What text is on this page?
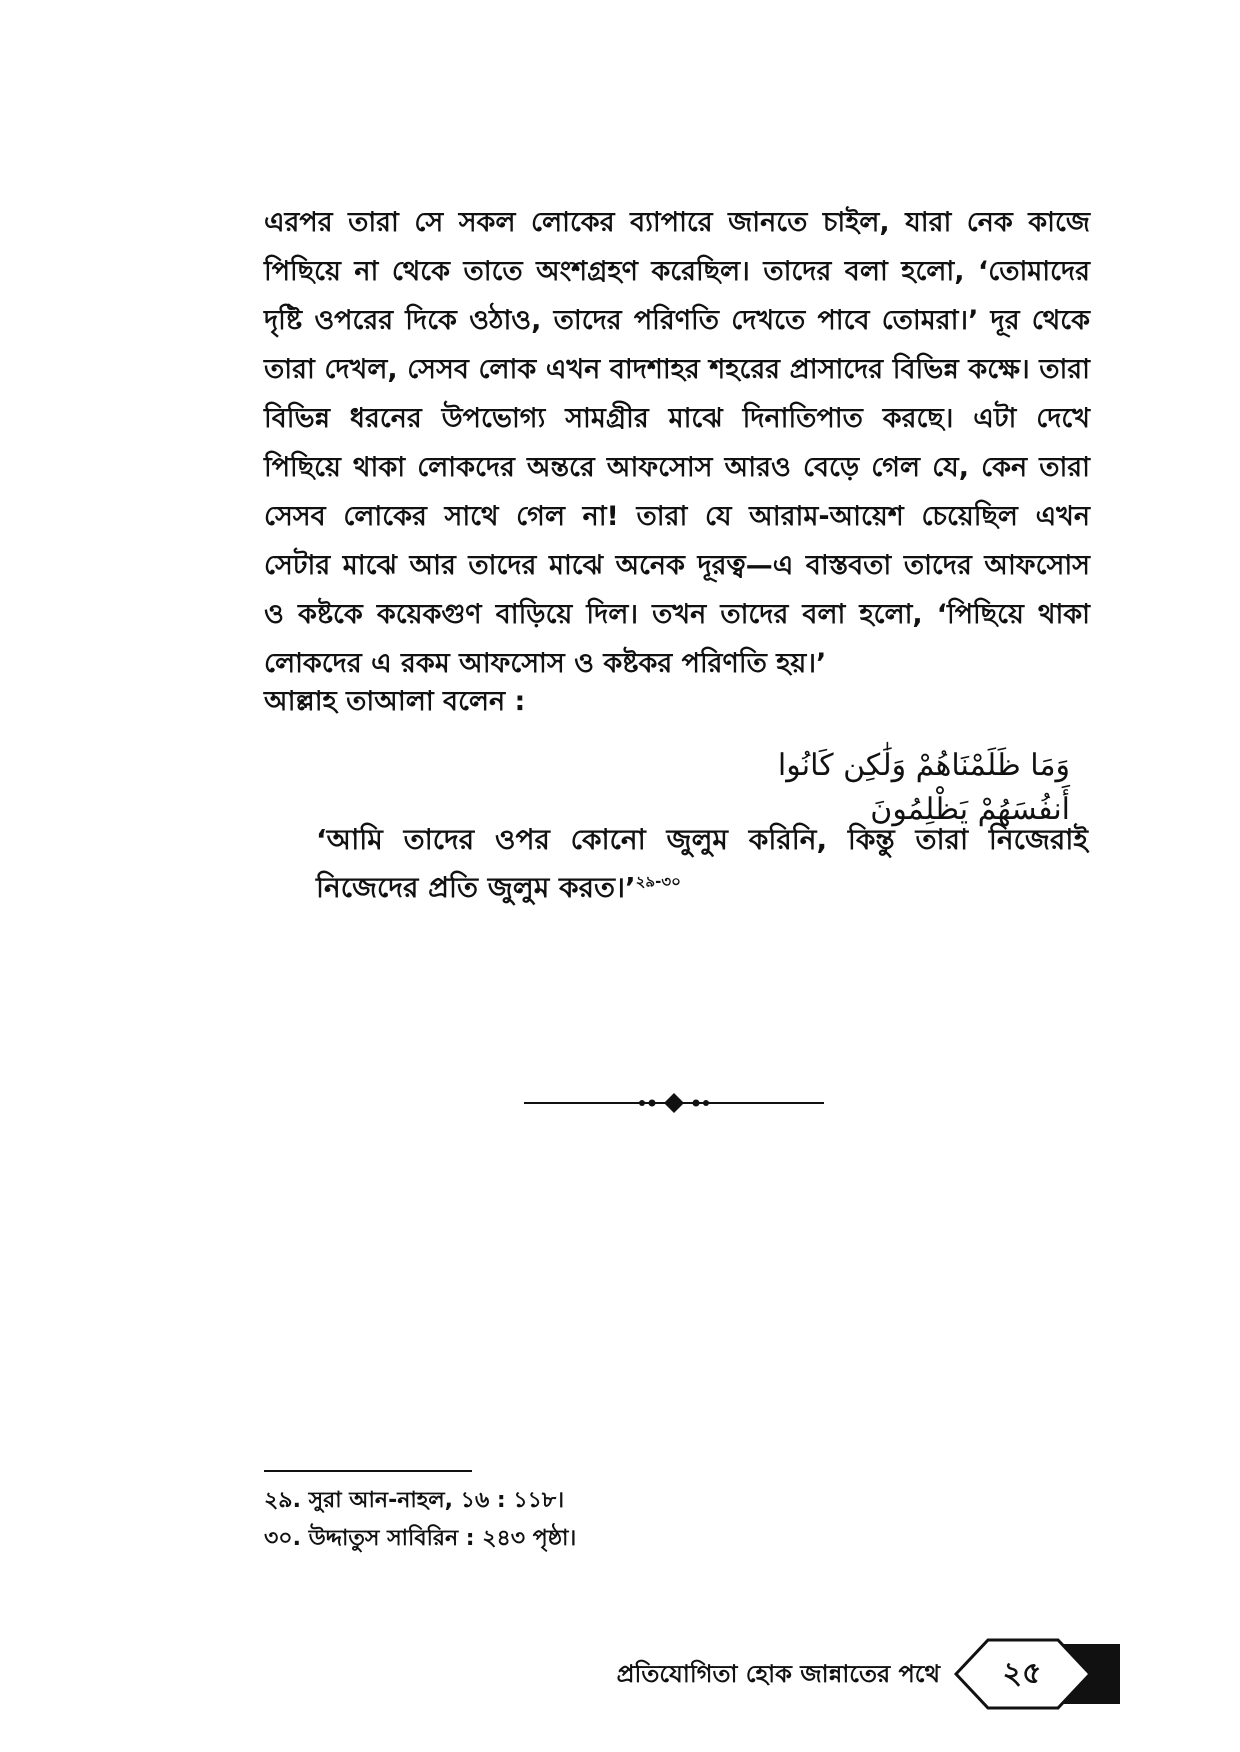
এরপর তারা সে সকল লোকের ব্যাপারে জানতে চাইল, যারা নেক কাজে পিছিয়ে না থেকে তাতে অংশগ্রহণ করেছিল। তাদের বলা হলো, ‘তোমাদের দৃষ্টি ওপরের দিকে ওঠাও, তাদের পরিণতি দেখতে পাবে তোমরা।’ দূর থেকে তারা দেখল, সেসব লোক এখন বাদশাহর শহরের প্রাসাদের বিভিন্ন কক্ষে। তারা বিভিন্ন ধরনের উপভোগ্য সামগ্রীর মাঝে দিনাতিপাত করছে। এটা দেখে পিছিয়ে থাকা লোকদের অন্তরে আফসোস আরও বেড়ে গেল যে, কেন তারা সেসব লোকের সাথে গেল না! তারা যে আরাম-আয়েশ চেয়েছিল এখন সেটার মাঝে আর তাদের মাঝে অনেক দূরত্ব—এ বাস্তবতা তাদের আফসোস ও কষ্টকে কয়েকগুণ বাড়িয়ে দিল। তখন তাদের বলা হলো, ‘পিছিয়ে থাকা লোকদের এ রকম আফসোস ও কষ্টকর পরিণতি হয়।’

আল্লাহ তাআলা বলেন :

وَمَا ظَلَمْنَاهُمْ وَلَٰكِن كَانُوا أَنفُسَهُمْ يَظْلِمُونَ

‘আমি তাদের ওপর কোনো জুলুম করিনি, কিন্তু তারা নিজেরাই নিজেদের প্রতি জুলুম করত।’$^{২৯-৩০}$

২৯. সুরা আন-নাহল, ১৬ : ১১৮।
৩০. উদ্দাতুস সাবিরিন : ২৪৩ পৃষ্ঠা।
প্রতিযোগিতা হোক জান্নাতের পথে	২৫
